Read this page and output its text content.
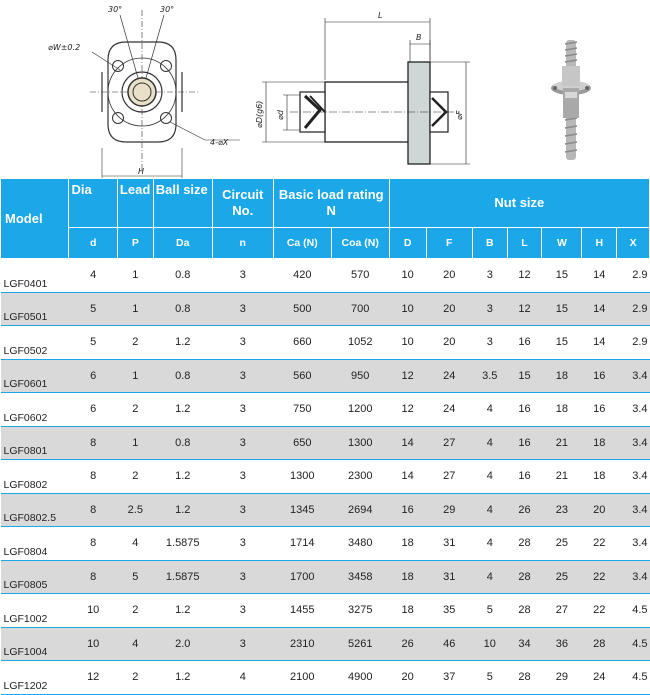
30°	30°
⌀W±0.2
4-⌀X
H
L
B
⌀D(g6) ⌀d	⌀F
Model	Dia	Lead	Ball size	Circuit No.	Basic load rating N		Nut size						
	d	P	Da	n	Ca (N)	Coa (N)	D	F	B	L	W	H	X
LGF0401	4	1	0.8	3	420	570	10	20	3	12	15	14	2.9
LGF0501	5	1	0.8	3	500	700	10	20	3	12	15	14	2.9
LGF0502	5	2	1.2	3	660	1052	10	20	3	16	15	14	2.9
LGF0601	6	1	0.8	3	560	950	12	24	3.5	15	18	16	3.4
LGF0602	6	2	1.2	3	750	1200	12	24	4	16	18	16	3.4
LGF0801	8	1	0.8	3	650	1300	14	27	4	16	21	18	3.4
LGF0802	8	2	1.2	3	1300	2300	14	27	4	16	21	18	3.4
LGF0802.5	8	2.5	1.2	3	1345	2694	16	29	4	26	23	20	3.4
LGF0804	8	4	1.5875	3	1714	3480	18	31	4	28	25	22	3.4
LGF0805	8	5	1.5875	3	1700	3458	18	31	4	28	25	22	3.4
LGF1002	10	2	1.2	3	1455	3275	18	35	5	28	27	22	4.5
LGF1004	10	4	2.0	3	2310	5261	26	46	10	34	36	28	4.5
LGF1202	12	2	1.2	4	2100	4900	20	37	5	28	29	24	4.5
